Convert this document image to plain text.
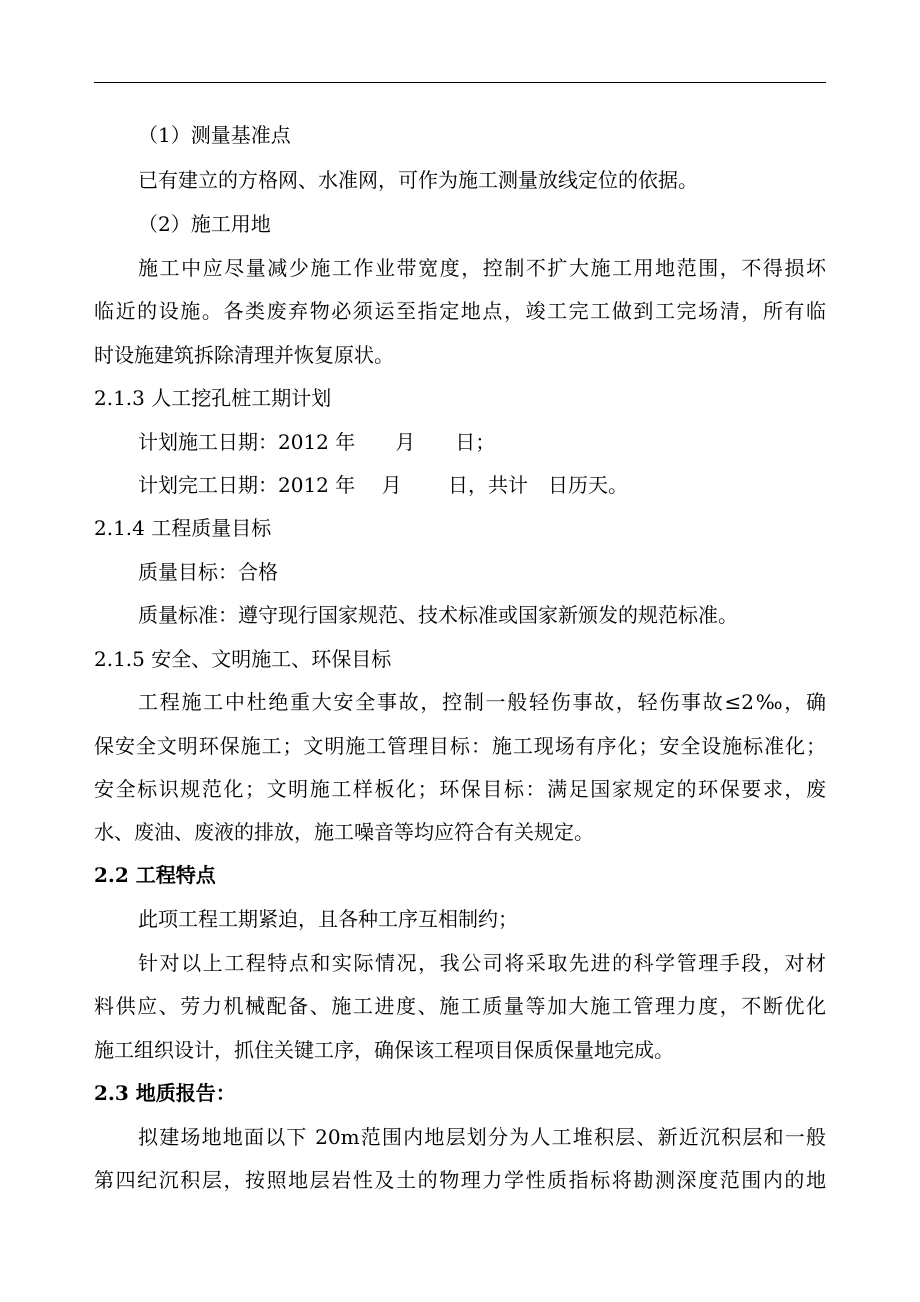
（1）测量基准点
已有建立的方格网、水准网，可作为施工测量放线定位的依据。
（2）施工用地
施工中应尽量减少施工作业带宽度，控制不扩大施工用地范围，不得损坏
临近的设施。各类废弃物必须运至指定地点，竣工完工做到工完场清，所有临
时设施建筑拆除清理并恢复原状。
2.1.3 人工挖孔桩工期计划
计划施工日期：2012 年　　月　　日；
计划完工日期：2012 年　 月　　 日，共计　日历天。
2.1.4 工程质量目标
质量目标：合格
质量标准：遵守现行国家规范、技术标准或国家新颁发的规范标准。
2.1.5 安全、文明施工、环保目标
工程施工中杜绝重大安全事故，控制一般轻伤事故，轻伤事故≤2‰，确
保安全文明环保施工；文明施工管理目标：施工现场有序化；安全设施标准化；
安全标识规范化；文明施工样板化；环保目标：满足国家规定的环保要求，废
水、废油、废液的排放，施工噪音等均应符合有关规定。
2.2 工程特点
此项工程工期紧迫，且各种工序互相制约；
针对以上工程特点和实际情况，我公司将采取先进的科学管理手段，对材
料供应、劳力机械配备、施工进度、施工质量等加大施工管理力度，不断优化
施工组织设计，抓住关键工序，确保该工程项目保质保量地完成。
2.3 地质报告：
拟建场地地面以下 20m范围内地层划分为人工堆积层、新近沉积层和一般
第四纪沉积层，按照地层岩性及土的物理力学性质指标将勘测深度范围内的地
